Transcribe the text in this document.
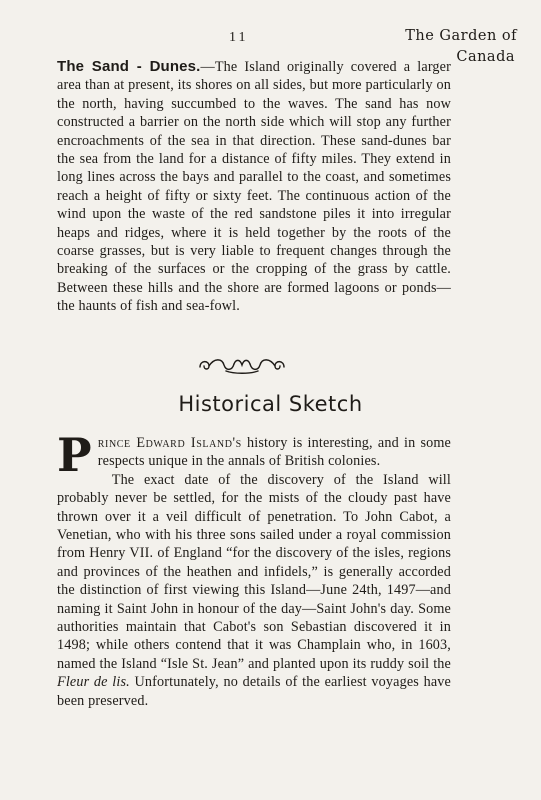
11	The Garden of
Canada
The Sand - Dunes.—The Island originally covered a larger area than at present, its shores on all sides, but more particularly on the north, having succumbed to the waves. The sand has now constructed a barrier on the north side which will stop any further encroachments of the sea in that direction. These sand-dunes bar the sea from the land for a distance of fifty miles. They extend in long lines across the bays and parallel to the coast, and sometimes reach a height of fifty or sixty feet. The continuous action of the wind upon the waste of the red sandstone piles it into irregular heaps and ridges, where it is held together by the roots of the coarse grasses, but is very liable to frequent changes through the breaking of the surfaces or the cropping of the grass by cattle. Between these hills and the shore are formed lagoons or ponds—the haunts of fish and sea-fowl.
Historical Sketch
Prince Edward Island's history is interesting, and in some respects unique in the annals of British colonies.
The exact date of the discovery of the Island will probably never be settled, for the mists of the cloudy past have thrown over it a veil difficult of penetration. To John Cabot, a Venetian, who with his three sons sailed under a royal commission from Henry VII. of England “for the discovery of the isles, regions and provinces of the heathen and infidels,” is generally accorded the distinction of first viewing this Island—June 24th, 1497—and naming it Saint John in honour of the day—Saint John's day. Some authorities maintain that Cabot's son Sebastian discovered it in 1498; while others contend that it was Champlain who, in 1603, named the Island “Isle St. Jean” and planted upon its ruddy soil the Fleur de lis. Unfortunately, no details of the earliest voyages have been preserved.
